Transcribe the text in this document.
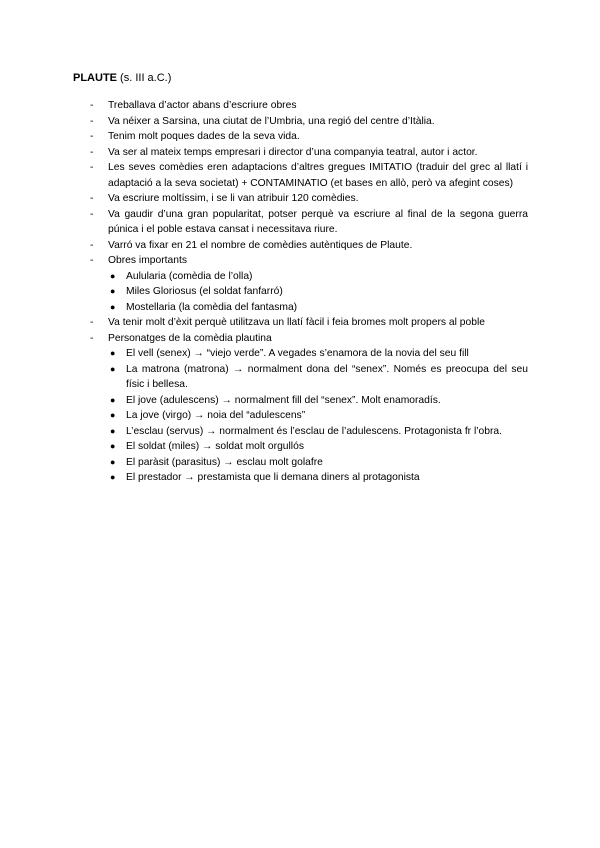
PLAUTE (s. III a.C.)
- Treballava d’actor abans d’escriure obres
- Va néixer a Sarsina, una ciutat de l’Umbria, una regió del centre d’Itàlia.
- Tenim molt poques dades de la seva vida.
- Va ser al mateix temps empresari i director d’una companyia teatral, autor i actor.
- Les seves comèdies eren adaptacions d’altres gregues IMITATIO (traduir del grec al llatí i adaptació a la seva societat) + CONTAMINATIO (et bases en allò, però va afegint coses)
- Va escriure moltíssim, i se li van atribuir 120 comèdies.
- Va gaudir d’una gran popularitat, potser perquè va escriure al final de la segona guerra púnica i el poble estava cansat i necessitava riure.
- Varró va fixar en 21 el nombre de comèdies autèntiques de Plaute.
- Obres importants
● Aulularia (comèdia de l’olla)
● Miles Gloriosus (el soldat fanfarró)
● Mostellaria (la comèdia del fantasma)
- Va tenir molt d’èxit perquè utilitzava un llatí fàcil i feia bromes molt propers al poble
- Personatges de la comèdia plautina
● El vell (senex) → “viejo verde”. A vegades s’enamora de la novia del seu fill
● La matrona (matrona) → normalment dona del “senex”. Només es preocupa del seu físic i bellesa.
● El jove (adulescens) → normalment fill del “senex”. Molt enamoradís.
● La jove (virgo) → noia del “adulescens”
● L’esclau (servus) → normalment és l’esclau de l’adulescens. Protagonista fr l’obra.
● El soldat (miles) → soldat molt orgullós
● El paràsit (parasitus) → esclau molt golafre
● El prestador → prestamista que li demana diners al protagonista
